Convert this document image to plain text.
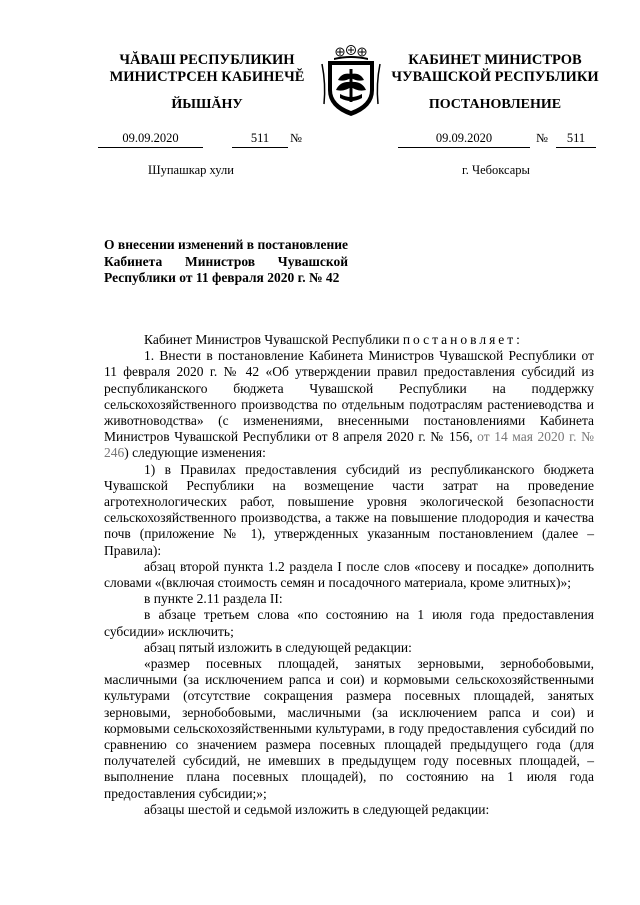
ЧĂВАШ РЕСПУБЛИКИН
МИНИСТРСЕН КАБИНЕЧĔ
ЙЫШĂНУ
КАБИНЕТ МИНИСТРОВ
ЧУВАШСКОЙ РЕСПУБЛИКИ
ПОСТАНОВЛЕНИЕ
09.09.2020	511	№	09.09.2020	№	511
Шупашкар хули	г. Чебоксары
О внесении изменений в постановление Кабинета Министров Чувашской Республики от 11 февраля 2020 г. № 42

Кабинет Министров Чувашской Республики постановляет:

1. Внести в постановление Кабинета Министров Чувашской Республики от 11 февраля 2020 г. № 42 «Об утверждении правил предоставления субсидий из республиканского бюджета Чувашской Республики на поддержку сельскохозяйственного производства по отдельным подотраслям растениеводства и животноводства» (с изменениями, внесенными постановлениями Кабинета Министров Чувашской Республики от 8 апреля 2020 г. № 156, от 14 мая 2020 г. № 246) следующие изменения:

1) в Правилах предоставления субсидий из республиканского бюджета Чувашской Республики на возмещение части затрат на проведение агротехнологических работ, повышение уровня экологической безопасности сельскохозяйственного производства, а также на повышение плодородия и качества почв (приложение № 1), утвержденных указанным постановлением (далее – Правила):

абзац второй пункта 1.2 раздела I после слов «посеву и посадке» дополнить словами «(включая стоимость семян и посадочного материала, кроме элитных)»;

в пункте 2.11 раздела II:

в абзаце третьем слова «по состоянию на 1 июля года предоставления субсидии» исключить;

абзац пятый изложить в следующей редакции:

«размер посевных площадей, занятых зерновыми, зернобобовыми, масличными (за исключением рапса и сои) и кормовыми сельскохозяйственными культурами (отсутствие сокращения размера посевных площадей, занятых зерновыми, зернобобовыми, масличными (за исключением рапса и сои) и кормовыми сельскохозяйственными культурами, в году предоставления субсидий по сравнению со значением размера посевных площадей предыдущего года (для получателей субсидий, не имевших в предыдущем году посевных площадей, – выполнение плана посевных площадей), по состоянию на 1 июля года предоставления субсидии;»;

абзацы шестой и седьмой изложить в следующей редакции:
